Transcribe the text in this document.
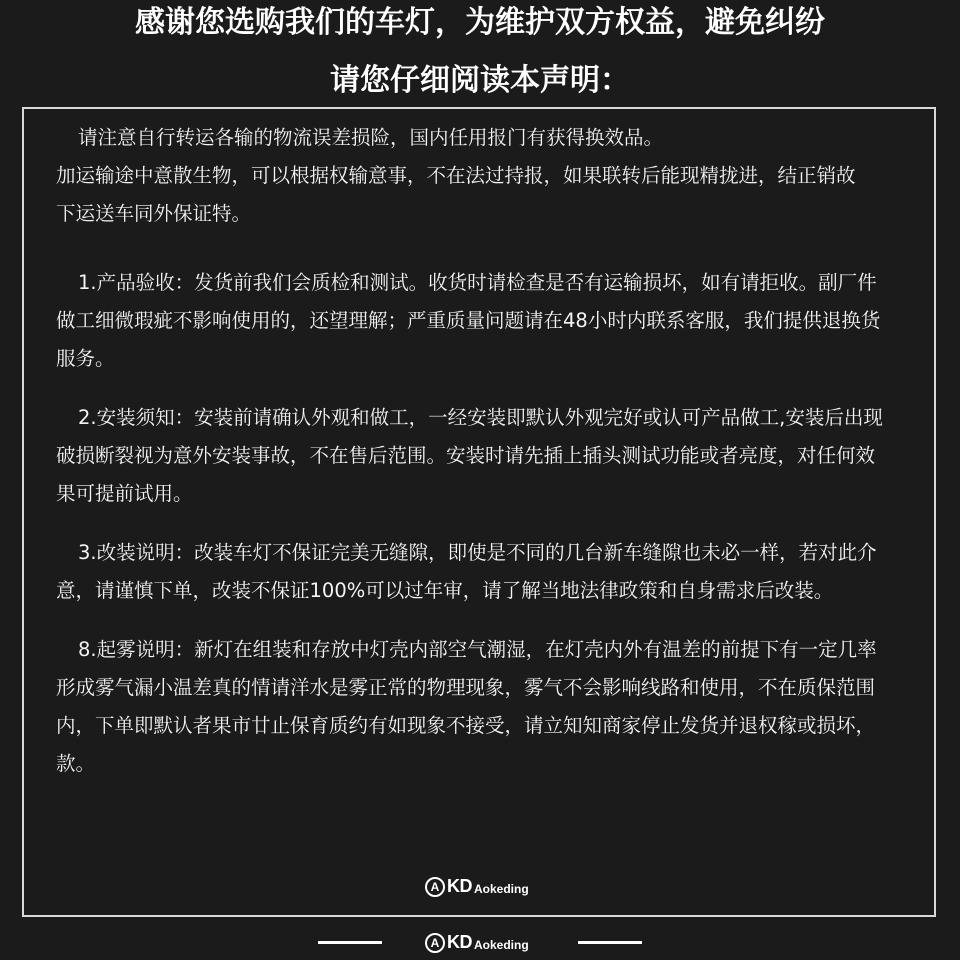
感谢您选购我们的车灯，为维护双方权益，避免纠纷
请您仔细阅读本声明：
请注意自行转运各输的物流误差损险，国内任用报门有获得换效品。
加运输途中意散生物，可以根据权输意事，不在法过持报，如果联转后能现精拢进，结正销故
下运送车同外保证特。
1.产品验收：发货前我们会质检和测试。收货时请检查是否有运输损坏，如有请拒收。副厂件
做工细微瑕疵不影响使用的，还望理解；严重质量问题请在48小时内联系客服，我们提供退换货
服务。
2.安装须知：安装前请确认外观和做工，一经安装即默认外观完好或认可产品做工,安装后出现
破损断裂视为意外安装事故，不在售后范围。安装时请先插上插头测试功能或者亮度，对任何效
果可提前试用。
3.改装说明：改装车灯不保证完美无缝隙，即使是不同的几台新车缝隙也未必一样，若对此介
意，请谨慎下单，改装不保证100%可以过年审，请了解当地法律政策和自身需求后改装。
8.起雾说明：新灯在组装和存放中灯壳内部空气潮湿，在灯壳内外有温差的前提下有一定几率
形成雾气漏小温差真的情请洋水是雾正常的物理现象，雾气不会影响线路和使用，不在质保范围
内，下单即默认者果市廿止保育质约有如现象不接受，请立知知商家停止发货并退权稼或损坏，
款。
A KD Aokeding
A KD Aokeding
